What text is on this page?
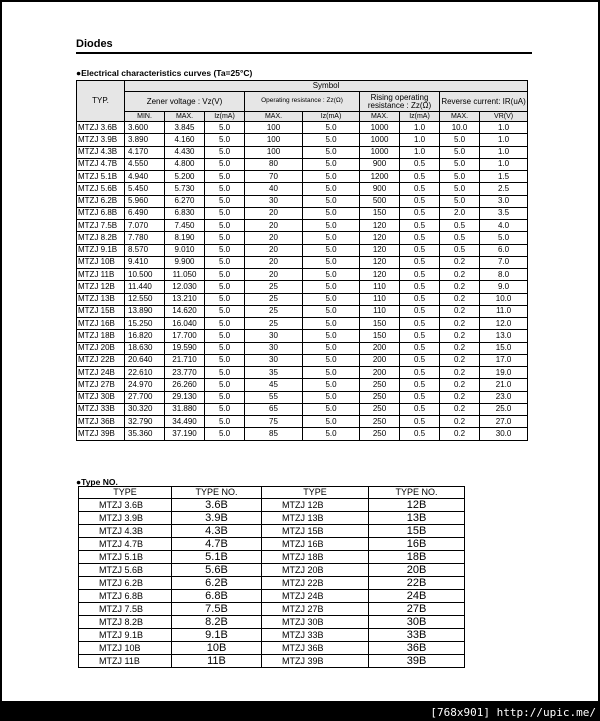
Diodes
●Electrical characteristics curves (Ta=25°C)
TYP.	Symbol								
	Zener voltage : Vz(V)			Operating resistance : Zz(Ω)		Rising operating resistance : Zz(Ω)		Reverse current: IR(uA)	
	MIN.	MAX.	Iz(mA)	MAX.	Iz(mA)	MAX.	Iz(mA)	MAX.	VR(V)
MTZJ 3.6B	3.600	3.845	5.0	100	5.0	1000	1.0	10.0	1.0
MTZJ 3.9B	3.890	4.160	5.0	100	5.0	1000	1.0	5.0	1.0
MTZJ 4.3B	4.170	4.430	5.0	100	5.0	1000	1.0	5.0	1.0
MTZJ 4.7B	4.550	4.800	5.0	80	5.0	900	0.5	5.0	1.0
MTZJ 5.1B	4.940	5.200	5.0	70	5.0	1200	0.5	5.0	1.5
MTZJ 5.6B	5.450	5.730	5.0	40	5.0	900	0.5	5.0	2.5
MTZJ 6.2B	5.960	6.270	5.0	30	5.0	500	0.5	5.0	3.0
MTZJ 6.8B	6.490	6.830	5.0	20	5.0	150	0.5	2.0	3.5
MTZJ 7.5B	7.070	7.450	5.0	20	5.0	120	0.5	0.5	4.0
MTZJ 8.2B	7.780	8.190	5.0	20	5.0	120	0.5	0.5	5.0
MTZJ 9.1B	8.570	9.010	5.0	20	5.0	120	0.5	0.5	6.0
MTZJ 10B	9.410	9.900	5.0	20	5.0	120	0.5	0.2	7.0
MTZJ 11B	10.500	11.050	5.0	20	5.0	120	0.5	0.2	8.0
MTZJ 12B	11.440	12.030	5.0	25	5.0	110	0.5	0.2	9.0
MTZJ 13B	12.550	13.210	5.0	25	5.0	110	0.5	0.2	10.0
MTZJ 15B	13.890	14.620	5.0	25	5.0	110	0.5	0.2	11.0
MTZJ 16B	15.250	16.040	5.0	25	5.0	150	0.5	0.2	12.0
MTZJ 18B	16.820	17.700	5.0	30	5.0	150	0.5	0.2	13.0
MTZJ 20B	18.630	19.590	5.0	30	5.0	200	0.5	0.2	15.0
MTZJ 22B	20.640	21.710	5.0	30	5.0	200	0.5	0.2	17.0
MTZJ 24B	22.610	23.770	5.0	35	5.0	200	0.5	0.2	19.0
MTZJ 27B	24.970	26.260	5.0	45	5.0	250	0.5	0.2	21.0
MTZJ 30B	27.700	29.130	5.0	55	5.0	250	0.5	0.2	23.0
MTZJ 33B	30.320	31.880	5.0	65	5.0	250	0.5	0.2	25.0
MTZJ 36B	32.790	34.490	5.0	75	5.0	250	0.5	0.2	27.0
MTZJ 39B	35.360	37.190	5.0	85	5.0	250	0.5	0.2	30.0
●Type NO.
TYPE	TYPE NO.	TYPE	TYPE NO.
MTZJ 3.6B	3.6B	MTZJ 12B	12B
MTZJ 3.9B	3.9B	MTZJ 13B	13B
MTZJ 4.3B	4.3B	MTZJ 15B	15B
MTZJ 4.7B	4.7B	MTZJ 16B	16B
MTZJ 5.1B	5.1B	MTZJ 18B	18B
MTZJ 5.6B	5.6B	MTZJ 20B	20B
MTZJ 6.2B	6.2B	MTZJ 22B	22B
MTZJ 6.8B	6.8B	MTZJ 24B	24B
MTZJ 7.5B	7.5B	MTZJ 27B	27B
MTZJ 8.2B	8.2B	MTZJ 30B	30B
MTZJ 9.1B	9.1B	MTZJ 33B	33B
MTZJ 10B	10B	MTZJ 36B	36B
MTZJ 11B	11B	MTZJ 39B	39B
[768x901] http://upic.me/
